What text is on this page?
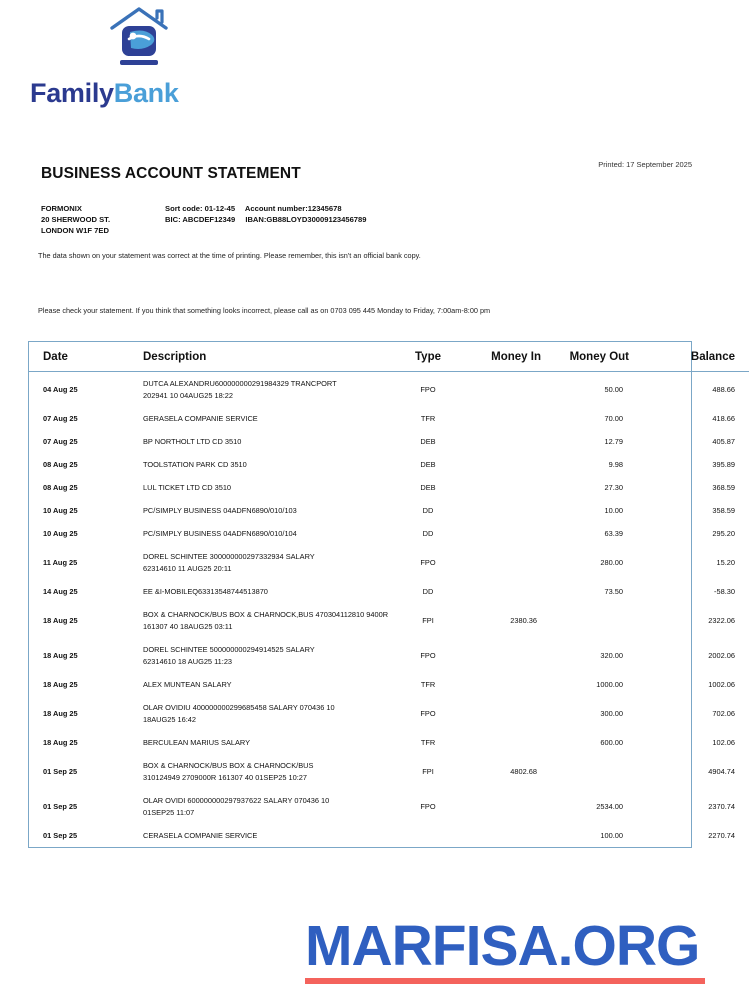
FamilyBank
BUSINESS ACCOUNT STATEMENT
Printed: 17 September 2025
FORMONIX
20 SHERWOOD ST.
LONDON W1F 7ED
Sort code: 01-12-45 Account number:12345678
BIC: ABCDEF12349 IBAN:GB88LOYD30009123456789
The data shown on your statement was correct at the time of printing. Please remember, this isn't an official bank copy.
Please check your statement. If you think that something looks incorrect, please call as on 0703 095 445 Monday to Friday, 7:00am-8:00 pm
Date	Description	Type	Money In	Money Out	Balance
04 Aug 25	DUTCA ALEXANDRU600000000291984329 TRANCPORT
202941 10 04AUG25 18:22	FPO		50.00	488.66
07 Aug 25	GERASELA COMPANIE SERVICE	TFR		70.00	418.66
07 Aug 25	BP NORTHOLT LTD CD 3510	DEB		12.79	405.87
08 Aug 25	TOOLSTATION PARK CD 3510	DEB		9.98	395.89
08 Aug 25	LUL TICKET LTD CD 3510	DEB		27.30	368.59
10 Aug 25	PC/SIMPLY BUSINESS 04ADFN6890/010/103	DD		10.00	358.59
10 Aug 25	PC/SIMPLY BUSINESS 04ADFN6890/010/104	DD		63.39	295.20
11 Aug 25	DOREL SCHINTEE 300000000297332934 SALARY
62314610 11 AUG25 20:11	FPO		280.00	15.20
14 Aug 25	EE &I-MOBILEQ63313548744513870	DD		73.50	-58.30
18 Aug 25	BOX & CHARNOCK/BUS BOX & CHARNOCK,BUS 470304112810 9400R
161307 40 18AUG25 03:11	FPI	2380.36		2322.06
18 Aug 25	DOREL SCHINTEE 500000000294914525 SALARY
62314610 18 AUG25 11:23	FPO		320.00	2002.06
18 Aug 25	ALEX MUNTEAN SALARY	TFR		1000.00	1002.06
18 Aug 25	OLAR OVIDIU 400000000299685458 SALARY 070436 10
18AUG25 16:42	FPO		300.00	702.06
18 Aug 25	BERCULEAN MARIUS SALARY	TFR		600.00	102.06
01 Sep 25	BOX & CHARNOCK/BUS BOX & CHARNOCK/BUS
310124949 2709000R 161307 40 01SEP25 10:27	FPI	4802.68		4904.74
01 Sep 25	OLAR OVIDI 600000000297937622 SALARY 070436 10
01SEP25 11:07	FPO		2534.00	2370.74
01 Sep 25	CERASELA COMPANIE SERVICE			100.00	2270.74
MARFISA.ORG
